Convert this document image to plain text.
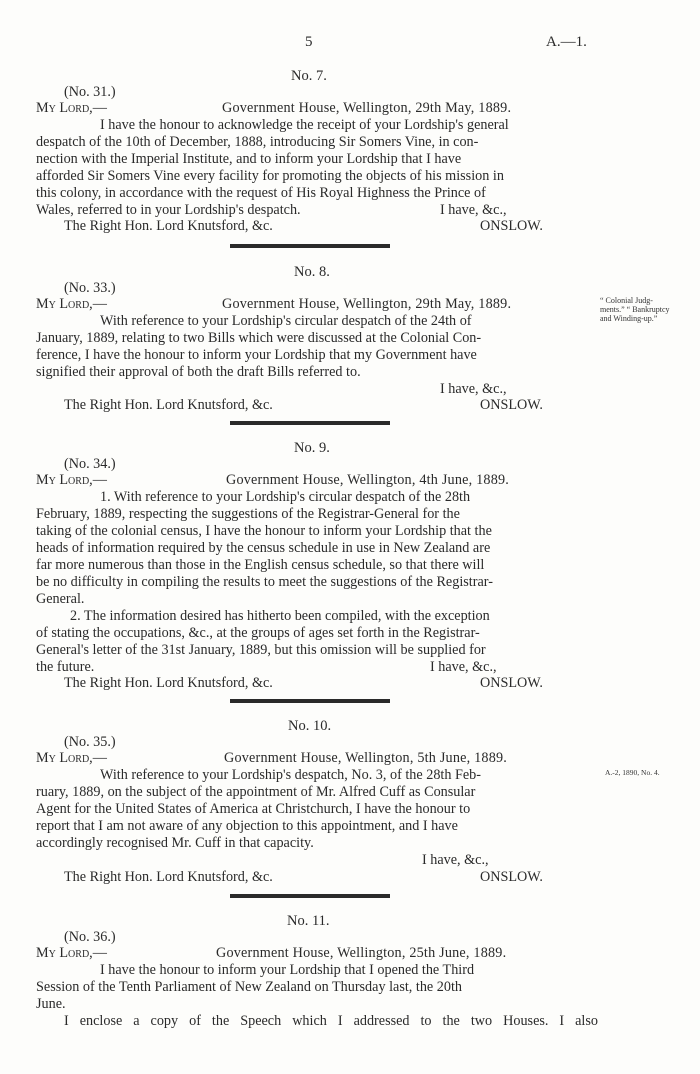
5	A.—1.
No. 7.
(No. 31.)
My Lord,—	Government House, Wellington, 29th May, 1889.
I have the honour to acknowledge the receipt of your Lordship's general
despatch of the 10th of December, 1888, introducing Sir Somers Vine, in con-
nection with the Imperial Institute, and to inform your Lordship that I have
afforded Sir Somers Vine every facility for promoting the objects of his mission in
this colony, in accordance with the request of His Royal Highness the Prince of
Wales, referred to in your Lordship's despatch.	I have, &c.,
The Right Hon. Lord Knutsford, &c.	ONSLOW.
No. 8.
(No. 33.)
My Lord,—	Government House, Wellington, 29th May, 1889.	“ Colonial Judg-ments.” “ Bankruptcy and Winding-up.”
With reference to your Lordship's circular despatch of the 24th of
January, 1889, relating to two Bills which were discussed at the Colonial Con-
ference, I have the honour to inform your Lordship that my Government have
signified their approval of both the draft Bills referred to.
I have, &c.,
The Right Hon. Lord Knutsford, &c.	ONSLOW.
No. 9.
(No. 34.)
My Lord,—	Government House, Wellington, 4th June, 1889.
1. With reference to your Lordship's circular despatch of the 28th
February, 1889, respecting the suggestions of the Registrar-General for the
taking of the colonial census, I have the honour to inform your Lordship that the
heads of information required by the census schedule in use in New Zealand are
far more numerous than those in the English census schedule, so that there will
be no difficulty in compiling the results to meet the suggestions of the Registrar-
General.
2. The information desired has hitherto been compiled, with the exception
of stating the occupations, &c., at the groups of ages set forth in the Registrar-
General's letter of the 31st January, 1889, but this omission will be supplied for
the future.	I have, &c.,
The Right Hon. Lord Knutsford, &c.	ONSLOW.
No. 10.
(No. 35.)
My Lord,—	Government House, Wellington, 5th June, 1889.
A.-2, 1890, No. 4.
With reference to your Lordship's despatch, No. 3, of the 28th Feb-
ruary, 1889, on the subject of the appointment of Mr. Alfred Cuff as Consular
Agent for the United States of America at Christchurch, I have the honour to
report that I am not aware of any objection to this appointment, and I have
accordingly recognised Mr. Cuff in that capacity.
I have, &c.,
The Right Hon. Lord Knutsford, &c.	ONSLOW.
No. 11.
(No. 36.)
My Lord,—	Government House, Wellington, 25th June, 1889.
I have the honour to inform your Lordship that I opened the Third
Session of the Tenth Parliament of New Zealand on Thursday last, the 20th
June.
I enclose a copy of the Speech which I addressed to the two Houses. I also
